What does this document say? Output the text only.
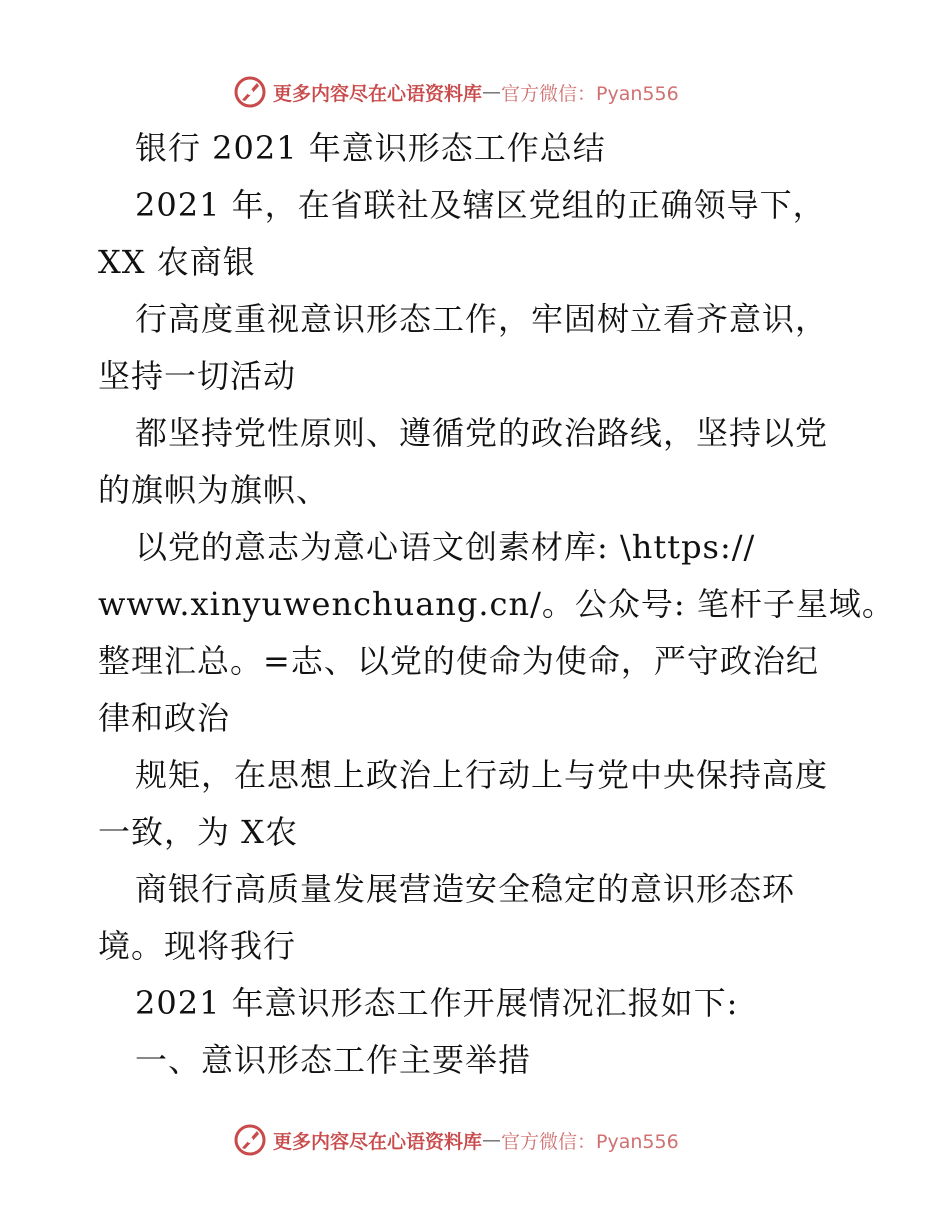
更多内容尽在心语资料库 — 官方微信：Pyan556
银行 2021 年意识形态工作总结
2021 年，在省联社及辖区党组的正确领导下，
XX 农商银
行高度重视意识形态工作，牢固树立看齐意识，
坚持一切活动
都坚持党性原则、遵循党的政治路线，坚持以党
的旗帜为旗帜、
以党的意志为意心语文创素材库: \https://
www.xinyuwenchuang.cn/。公众号: 笔杆子星域。
整理汇总。=志、以党的使命为使命，严守政治纪
律和政治
规矩，在思想上政治上行动上与党中央保持高度
一致，为 X农
商银行高质量发展营造安全稳定的意识形态环
境。现将我行
2021 年意识形态工作开展情况汇报如下:
一、意识形态工作主要举措
更多内容尽在心语资料库 — 官方微信：Pyan556
